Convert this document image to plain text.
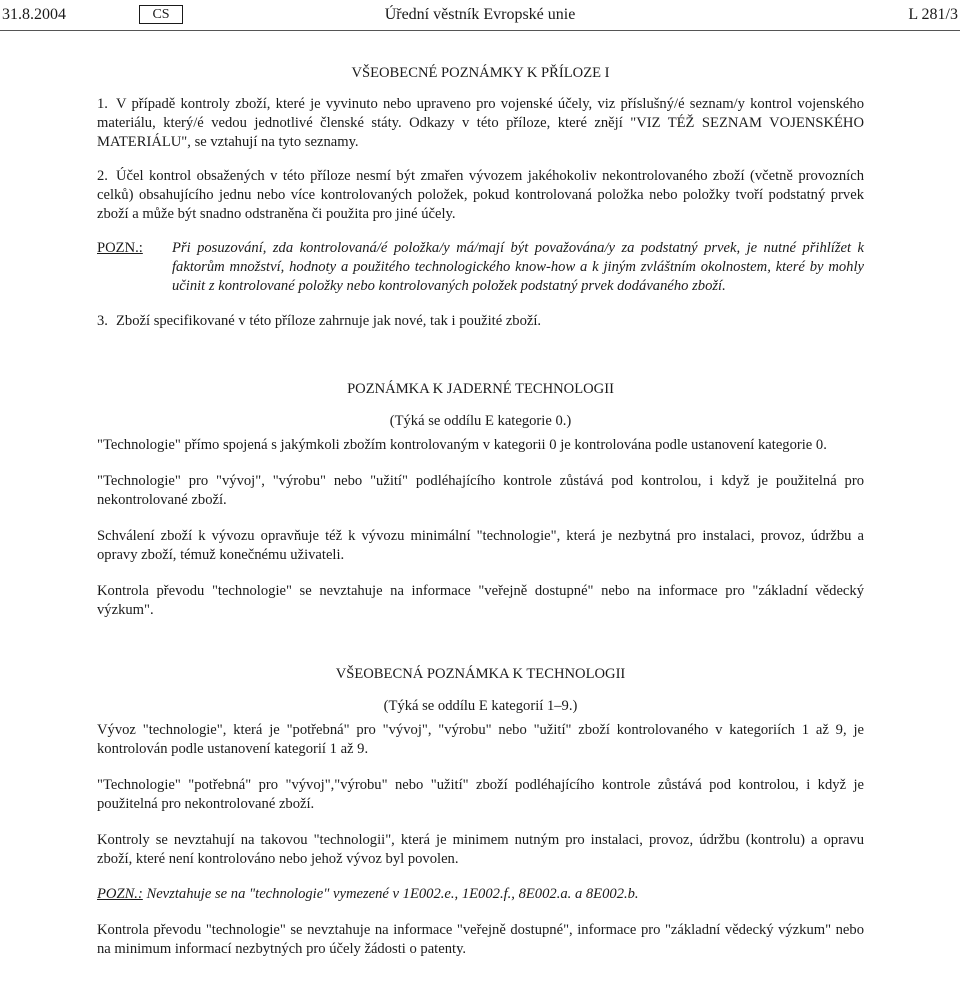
31.8.2004	CS	Úřední věstník Evropské unie	L 281/3
VŠEOBECNÉ POZNÁMKY K PŘÍLOZE I

1. V případě kontroly zboží, které je vyvinuto nebo upraveno pro vojenské účely, viz příslušný/é seznam/y kontrol vojenského materiálu, který/é vedou jednotlivé členské státy. Odkazy v této příloze, které znějí "VIZ TÉŽ SEZNAM VOJENSKÉHO MATERIÁLU", se vztahují na tyto seznamy.

2. Účel kontrol obsažených v této příloze nesmí být zmařen vývozem jakéhokoliv nekontrolovaného zboží (včetně provozních celků) obsahujícího jednu nebo více kontrolovaných položek, pokud kontrolovaná položka nebo položky tvoří podstatný prvek zboží a může být snadno odstraněna či použita pro jiné účely.

POZN.:	Při posuzování, zda kontrolovaná/é položka/y má/mají být považována/y za podstatný prvek, je nutné přihlížet k faktorům množství, hodnoty a použitého technologického know-how a k jiným zvláštním okolnostem, které by mohly učinit z kontrolované položky nebo kontrolovaných položek podstatný prvek dodávaného zboží.

3. Zboží specifikované v této příloze zahrnuje jak nové, tak i použité zboží.

POZNÁMKA K JADERNÉ TECHNOLOGII

(Týká se oddílu E kategorie 0.)

"Technologie" přímo spojená s jakýmkoli zbožím kontrolovaným v kategorii 0 je kontrolována podle ustanovení kategorie 0.

"Technologie" pro "vývoj", "výrobu" nebo "užití" podléhajícího kontrole zůstává pod kontrolou, i když je použitelná pro nekontrolované zboží.

Schválení zboží k vývozu opravňuje též k vývozu minimální "technologie", která je nezbytná pro instalaci, provoz, údržbu a opravy zboží, témuž konečnému uživateli.

Kontrola převodu "technologie" se nevztahuje na informace "veřejně dostupné" nebo na informace pro "základní vědecký výzkum".

VŠEOBECNÁ POZNÁMKA K TECHNOLOGII

(Týká se oddílu E kategorií 1–9.)

Vývoz "technologie", která je "potřebná" pro "vývoj", "výrobu" nebo "užití" zboží kontrolovaného v kategoriích 1 až 9, je kontrolován podle ustanovení kategorií 1 až 9.

"Technologie" "potřebná" pro "vývoj","výrobu" nebo "užití" zboží podléhajícího kontrole zůstává pod kontrolou, i když je použitelná pro nekontrolované zboží.

Kontroly se nevztahují na takovou "technologii", která je minimem nutným pro instalaci, provoz, údržbu (kontrolu) a opravu zboží, které není kontrolováno nebo jehož vývoz byl povolen.

POZN.: Nevztahuje se na "technologie" vymezené v 1E002.e., 1E002.f., 8E002.a. a 8E002.b.

Kontrola převodu "technologie" se nevztahuje na informace "veřejně dostupné", informace pro "základní vědecký výzkum" nebo na minimum informací nezbytných pro účely žádosti o patenty.
